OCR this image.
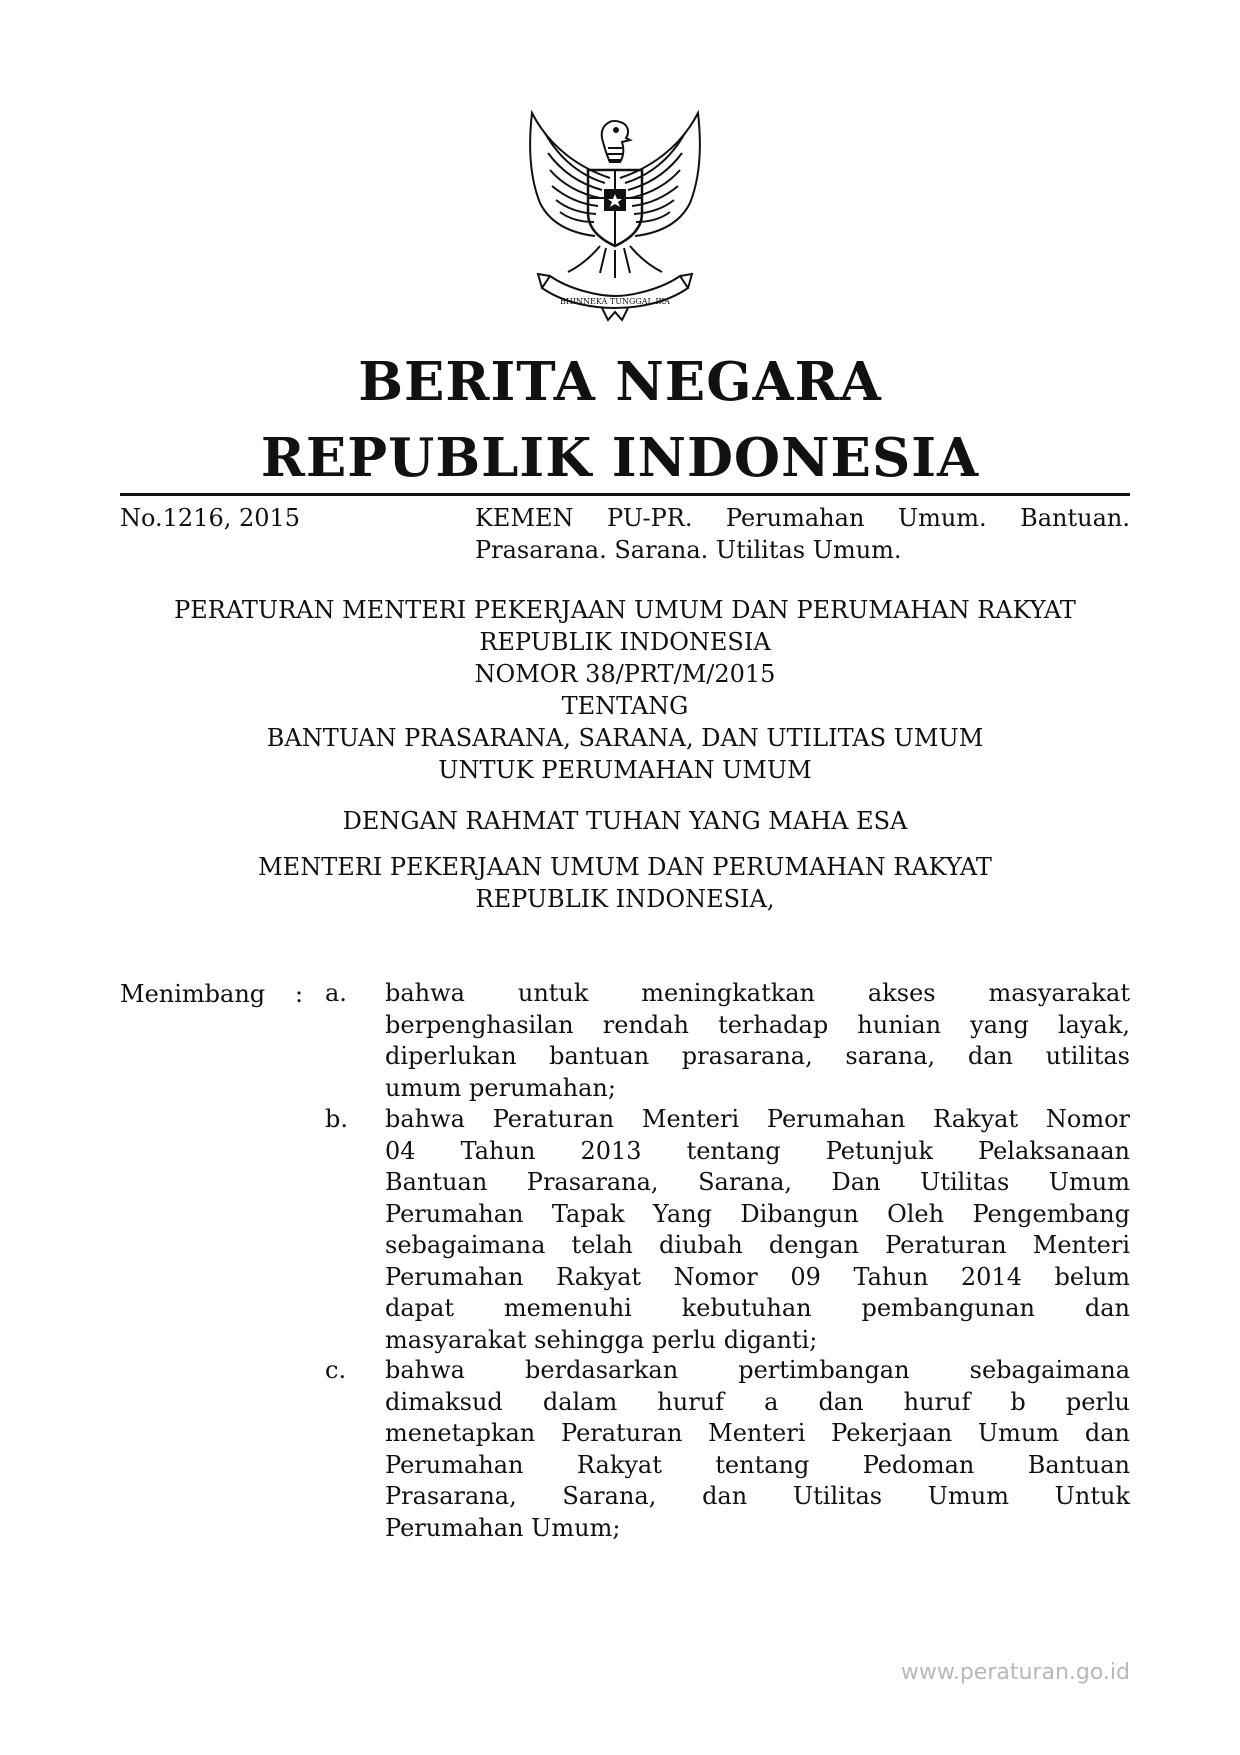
BHINNEKA TUNGGAL IKA
BERITA NEGARA
REPUBLIK INDONESIA
No.1216, 2015	KEMEN PU-PR. Perumahan Umum. Bantuan.
Prasarana. Sarana. Utilitas Umum.
PERATURAN MENTERI PEKERJAAN UMUM DAN PERUMAHAN RAKYAT
REPUBLIK INDONESIA
NOMOR 38/PRT/M/2015
TENTANG
BANTUAN PRASARANA, SARANA, DAN UTILITAS UMUM
UNTUK PERUMAHAN UMUM
DENGAN RAHMAT TUHAN YANG MAHA ESA
MENTERI PEKERJAAN UMUM DAN PERUMAHAN RAKYAT
REPUBLIK INDONESIA,
Menimbang : a. bahwa untuk meningkatkan akses masyarakat
berpenghasilan rendah terhadap hunian yang layak,
diperlukan bantuan prasarana, sarana, dan utilitas
umum perumahan;
b. bahwa Peraturan Menteri Perumahan Rakyat Nomor
04 Tahun 2013 tentang Petunjuk Pelaksanaan
Bantuan Prasarana, Sarana, Dan Utilitas Umum
Perumahan Tapak Yang Dibangun Oleh Pengembang
sebagaimana telah diubah dengan Peraturan Menteri
Perumahan Rakyat Nomor 09 Tahun 2014 belum
dapat memenuhi kebutuhan pembangunan dan
masyarakat sehingga perlu diganti;
c. bahwa berdasarkan pertimbangan sebagaimana
dimaksud dalam huruf a dan huruf b perlu
menetapkan Peraturan Menteri Pekerjaan Umum dan
Perumahan Rakyat tentang Pedoman Bantuan
Prasarana, Sarana, dan Utilitas Umum Untuk
Perumahan Umum;
www.peraturan.go.id
